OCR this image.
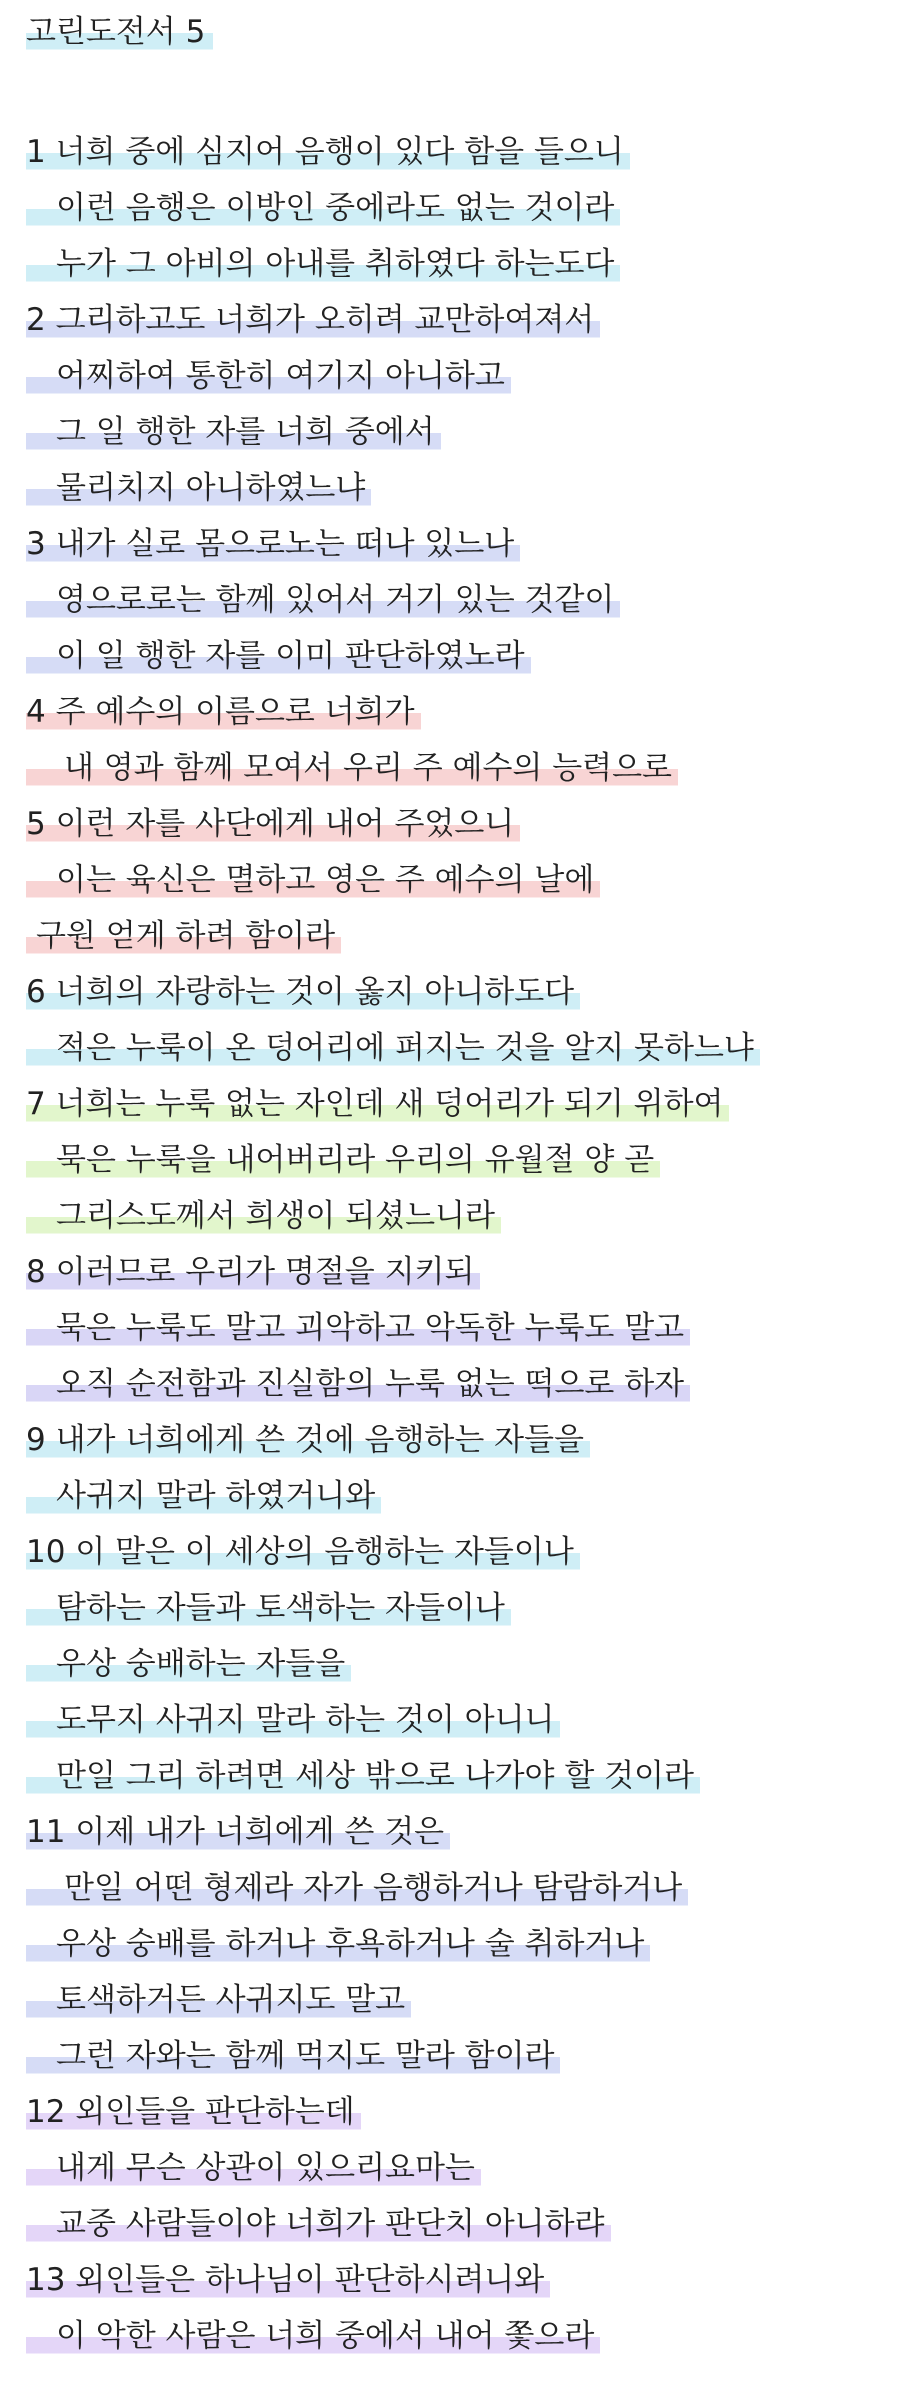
고린도전서 5
1 너희 중에 심지어 음행이 있다 함을 들으니
이런 음행은 이방인 중에라도 없는 것이라
누가 그 아비의 아내를 취하였다 하는도다
2 그리하고도 너희가 오히려 교만하여져서
어찌하여 통한히 여기지 아니하고
그 일 행한 자를 너희 중에서
물리치지 아니하였느냐
3 내가 실로 몸으로노는 떠나 있느나
영으로로는 함께 있어서 거기 있는 것같이
이 일 행한 자를 이미 판단하였노라
4 주 예수의 이름으로 너희가
내 영과 함께 모여서 우리 주 예수의 능력으로
5 이런 자를 사단에게 내어 주었으니
이는 육신은 멸하고 영은 주 예수의 날에
구원 얻게 하려 함이라
6 너희의 자랑하는 것이 옳지 아니하도다
적은 누룩이 온 덩어리에 퍼지는 것을 알지 못하느냐
7 너희는 누룩 없는 자인데 새 덩어리가 되기 위하여
묵은 누룩을 내어버리라 우리의 유월절 양 곧
그리스도께서 희생이 되셨느니라
8 이러므로 우리가 명절을 지키되
묵은 누룩도 말고 괴악하고 악독한 누룩도 말고
오직 순전함과 진실함의 누룩 없는 떡으로 하자
9 내가 너희에게 쓴 것에 음행하는 자들을
사귀지 말라 하였거니와
10 이 말은 이 세상의 음행하는 자들이나
탐하는 자들과 토색하는 자들이나
우상 숭배하는 자들을
도무지 사귀지 말라 하는 것이 아니니
만일 그리 하려면 세상 밖으로 나가야 할 것이라
11 이제 내가 너희에게 쓴 것은
만일 어떤 형제라 자가 음행하거나 탐람하거나
우상 숭배를 하거나 후욕하거나 술 취하거나
토색하거든 사귀지도 말고
그런 자와는 함께 먹지도 말라 함이라
12 외인들을 판단하는데
내게 무슨 상관이 있으리요마는
교중 사람들이야 너희가 판단치 아니하랴
13 외인들은 하나님이 판단하시려니와
이 악한 사람은 너희 중에서 내어 쫓으라
